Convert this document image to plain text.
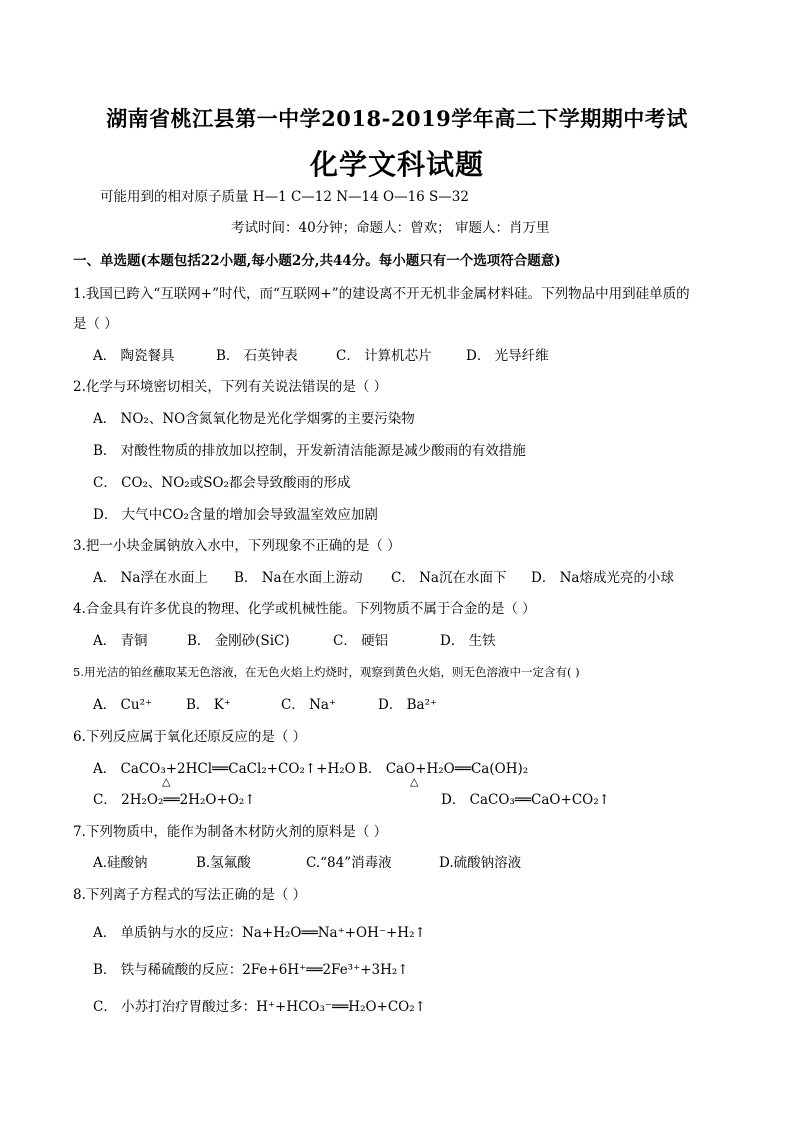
湖南省桃江县第一中学2018-2019学年高二下学期期中考试
化学文科试题
可能用到的相对原子质量 H—1 C—12 N—14 O—16 S—32
考试时间：40分钟；命题人：曾欢； 审题人：肖万里
一、单选题(本题包括22小题,每小题2分,共44分。每小题只有一个选项符合题意)
1.我国已跨入“互联网+”时代，而“互联网+”的建设离不开无机非金属材料硅。下列物品中用到硅单质的
是（ ）
A． 陶瓷餐具	B． 石英钟表	C． 计算机芯片	D． 光导纤维
2.化学与环境密切相关，下列有关说法错误的是（ ）
A． NO₂、NO含氮氧化物是光化学烟雾的主要污染物
B． 对酸性物质的排放加以控制，开发新清洁能源是减少酸雨的有效措施
C． CO₂、NO₂或SO₂都会导致酸雨的形成
D． 大气中CO₂含量的增加会导致温室效应加剧
3.把一小块金属钠放入水中，下列现象不正确的是（ ）
A． Na浮在水面上 B． Na在水面上游动 C． Na沉在水面下 D． Na熔成光亮的小球
4.合金具有许多优良的物理、化学或机械性能。下列物质不属于合金的是（ ）
A． 青铜	B． 金刚砂(SiC)	C． 硬铝	D． 生铁
5.用光洁的铂丝蘸取某无色溶液，在无色火焰上灼烧时，观察到黄色火焰，则无色溶液中一定含有( )
A． Cu²⁺	B． K⁺	C． Na⁺	D． Ba²⁺
6.下列反应属于氧化还原反应的是（ ）
A． CaCO₃+2HCl══CaCl₂+CO₂↑+H₂O B． CaO+H₂O══Ca(OH)₂
△	△
C． 2H₂O₂══2H₂O+O₂↑	D． CaCO₃══CaO+CO₂↑
7.下列物质中，能作为制备木材防火剂的原料是（ ）
A.硅酸钠	B.氢氟酸	C.“84”消毒液	D.硫酸钠溶液
8.下列离子方程式的写法正确的是（ ）
A． 单质钠与水的反应：Na+H₂O══Na⁺+OH⁻+H₂↑
B． 铁与稀硫酸的反应：2Fe+6H⁺══2Fe³⁺+3H₂↑
C． 小苏打治疗胃酸过多：H⁺+HCO₃⁻══H₂O+CO₂↑
